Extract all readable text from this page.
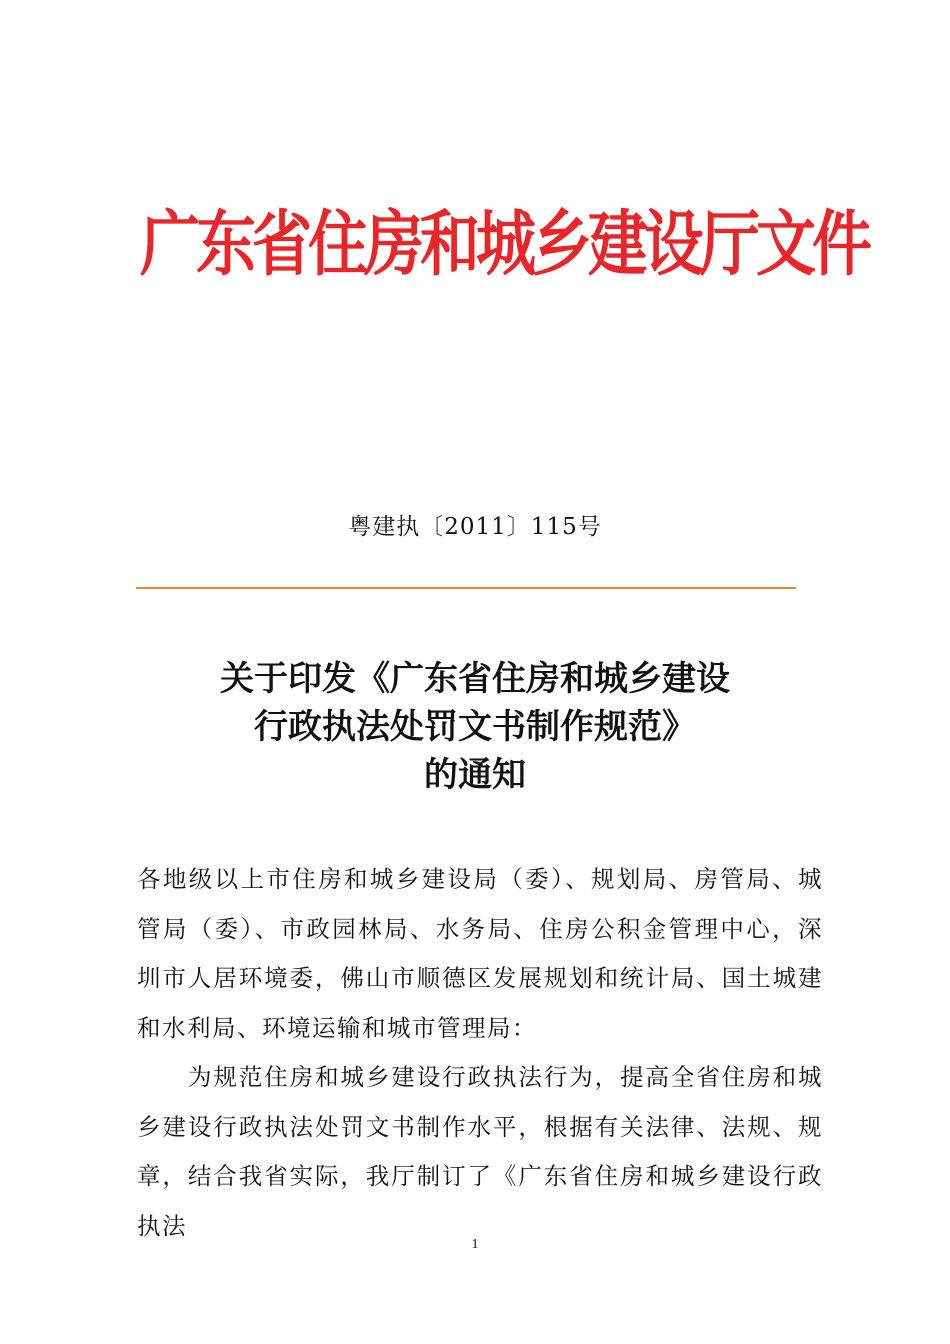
广东省住房和城乡建设厅文件
粤建执〔2011〕115号
关于印发《广东省住房和城乡建设
行政执法处罚文书制作规范》
的通知

各地级以上市住房和城乡建设局（委）、规划局、房管局、城管局（委）、市政园林局、水务局、住房公积金管理中心，深圳市人居环境委，佛山市顺德区发展规划和统计局、国土城建和水利局、环境运输和城市管理局：

为规范住房和城乡建设行政执法行为，提高全省住房和城乡建设行政执法处罚文书制作水平，根据有关法律、法规、规章，结合我省实际，我厅制订了《广东省住房和城乡建设行政执法

1
